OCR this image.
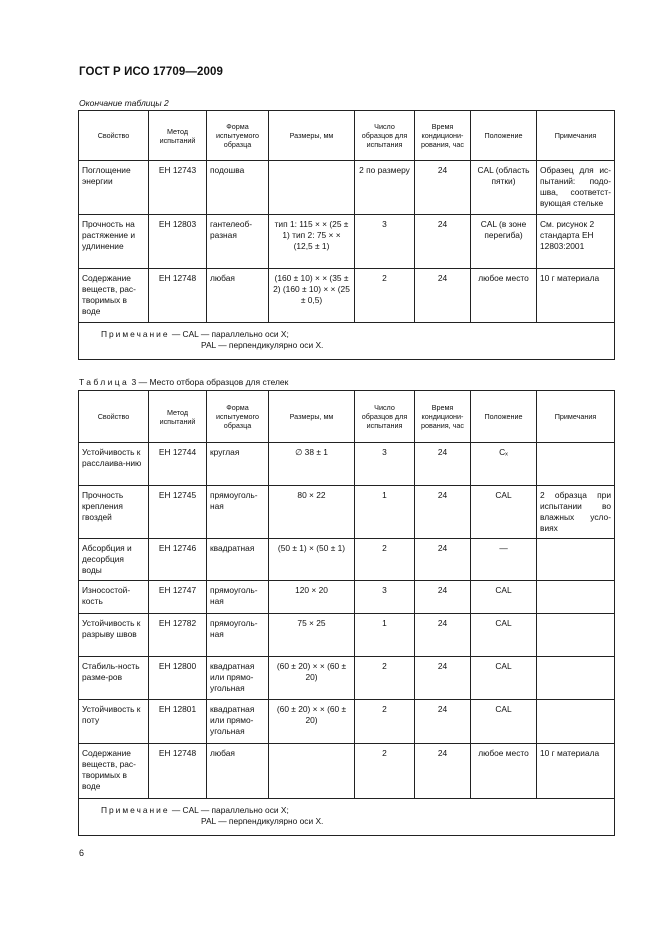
ГОСТ Р ИСО 17709—2009
Окончание таблицы 2
Свойство	Метод испытаний	Форма испытуемого образца	Размеры, мм	Число образцов для испытания	Время кондициони-рования, час	Положение	Примечания
Поглощение энергии	ЕН 12743	подошва		2 по размеру	24	CAL (область пятки)	Образец для ис-пытаний: подо-шва, соответст-вующая стельке
Прочность на растяжение и удлинение	ЕН 12803	гантелеоб-разная	тип 1: 115 × × (25 ± 1) тип 2: 75 × × (12,5 ± 1)	3	24	CAL (в зоне перегиба)	См. рисунок 2 стандарта ЕН 12803:2001
Содержание веществ, рас-творимых в воде	ЕН 12748	любая	(160 ± 10) × × (35 ± 2) (160 ± 10) × × (25 ± 0,5)	2	24	любое место	10 г материала

Примечание — CAL — параллельно оси X;
PAL — перпендикулярно оси X.							
Таблица 3 — Место отбора образцов для стелек
Свойство	Метод испытаний	Форма испытуемого образца	Размеры, мм	Число образцов для испытания	Время кондициони-рования, час	Положение	Примечания
Устойчивость к расслаива-нию	ЕН 12744	круглая	∅ 38 ± 1	3	24	Cₓ	
Прочность крепления гвоздей	ЕН 12745	прямоуголь-ная	80 × 22	1	24	CAL	2 образца при испытании во влажных усло-виях
Абсорбция и десорбция воды	ЕН 12746	квадратная	(50 ± 1) × (50 ± 1)	2	24	—	
Износостой-кость	ЕН 12747	прямоуголь-ная	120 × 20	3	24	CAL	
Устойчивость к разрыву швов	ЕН 12782	прямоуголь-ная	75 × 25	1	24	CAL	
Стабиль-ность разме-ров	ЕН 12800	квадратная или прямо-угольная	(60 ± 20) × × (60 ± 20)	2	24	CAL	
Устойчивость к поту	ЕН 12801	квадратная или прямо-угольная	(60 ± 20) × × (60 ± 20)	2	24	CAL	
Содержание веществ, рас-творимых в воде	ЕН 12748	любая		2	24	любое место	10 г материала

Примечание — CAL — параллельно оси X;
PAL — перпендикулярно оси X.							
6
